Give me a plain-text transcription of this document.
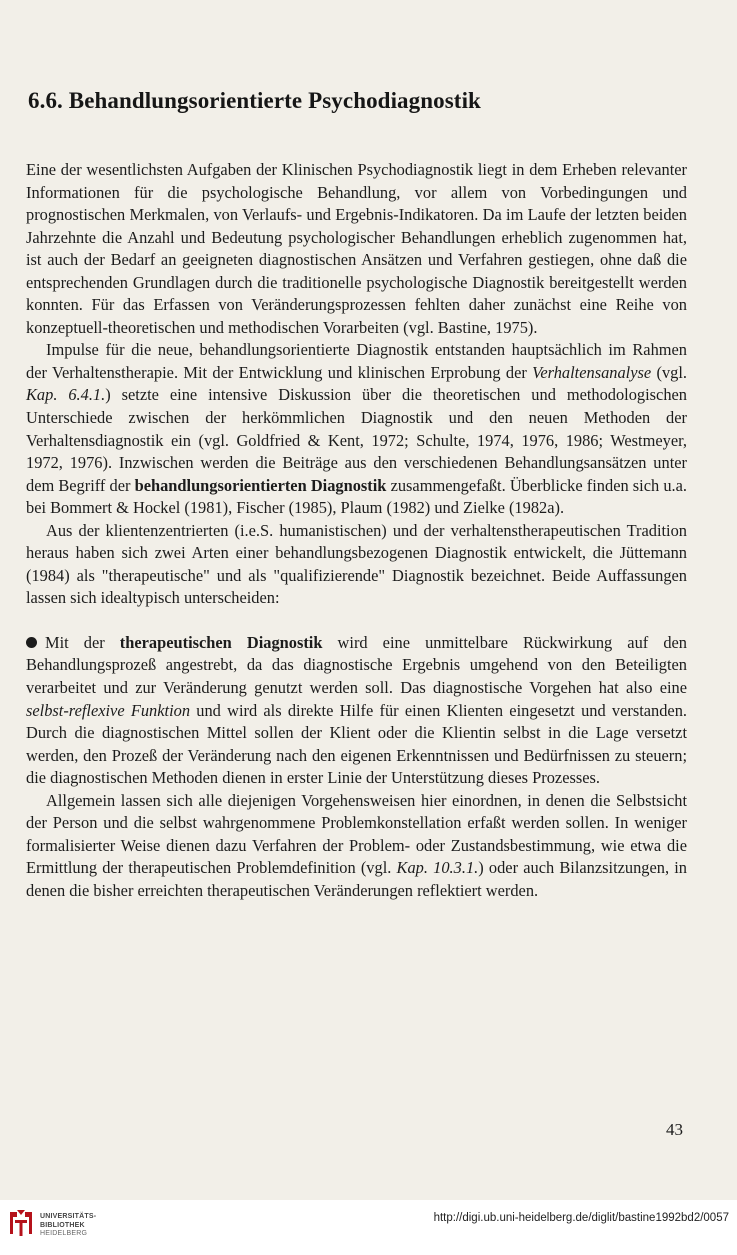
6.6. Behandlungsorientierte Psychodiagnostik

Eine der wesentlichsten Aufgaben der Klinischen Psychodiagnostik liegt in dem Erheben relevanter Informationen für die psychologische Behandlung, vor allem von Vorbedingungen und prognostischen Merkmalen, von Verlaufs- und Ergebnis-Indikatoren. Da im Laufe der letzten beiden Jahrzehnte die Anzahl und Bedeutung psychologischer Behandlungen erheblich zugenommen hat, ist auch der Bedarf an geeigneten diagnostischen Ansätzen und Verfahren gestiegen, ohne daß die entsprechenden Grundlagen durch die traditionelle psychologische Diagnostik bereitgestellt werden konnten. Für das Erfassen von Veränderungsprozessen fehlten daher zunächst eine Reihe von konzeptuell-theoretischen und methodischen Vorarbeiten (vgl. Bastine, 1975).

Impulse für die neue, behandlungsorientierte Diagnostik entstanden hauptsächlich im Rahmen der Verhaltenstherapie. Mit der Entwicklung und klinischen Erprobung der Verhaltensanalyse (vgl. Kap. 6.4.1.) setzte eine intensive Diskussion über die theoretischen und methodologischen Unterschiede zwischen der herkömmlichen Diagnostik und den neuen Methoden der Verhaltensdiagnostik ein (vgl. Goldfried & Kent, 1972; Schulte, 1974, 1976, 1986; Westmeyer, 1972, 1976). Inzwischen werden die Beiträge aus den verschiedenen Behandlungsansätzen unter dem Begriff der behandlungsorientierten Diagnostik zusammengefaßt. Überblicke finden sich u.a. bei Bommert & Hockel (1981), Fischer (1985), Plaum (1982) und Zielke (1982a).

Aus der klientenzentrierten (i.e.S. humanistischen) und der verhaltenstherapeutischen Tradition heraus haben sich zwei Arten einer behandlungsbezogenen Diagnostik entwickelt, die Jüttemann (1984) als "therapeutische" und als "qualifizierende" Diagnostik bezeichnet. Beide Auffassungen lassen sich idealtypisch unterscheiden:

Mit der therapeutischen Diagnostik wird eine unmittelbare Rückwirkung auf den Behandlungsprozeß angestrebt, da das diagnostische Ergebnis umgehend von den Beteiligten verarbeitet und zur Veränderung genutzt werden soll. Das diagnostische Vorgehen hat also eine selbst-reflexive Funktion und wird als direkte Hilfe für einen Klienten eingesetzt und verstanden. Durch die diagnostischen Mittel sollen der Klient oder die Klientin selbst in die Lage versetzt werden, den Prozeß der Veränderung nach den eigenen Erkenntnissen und Bedürfnissen zu steuern; die diagnostischen Methoden dienen in erster Linie der Unterstützung dieses Prozesses.

Allgemein lassen sich alle diejenigen Vorgehensweisen hier einordnen, in denen die Selbstsicht der Person und die selbst wahrgenommene Problemkonstellation erfaßt werden sollen. In weniger formalisierter Weise dienen dazu Verfahren der Problem- oder Zustandsbestimmung, wie etwa die Ermittlung der therapeutischen Problemdefinition (vgl. Kap. 10.3.1.) oder auch Bilanzsitzungen, in denen die bisher erreichten therapeutischen Veränderungen reflektiert werden.

43
UNIVERSITÄTS-
BIBLIOTHEK
HEIDELBERG
http://digi.ub.uni-heidelberg.de/diglit/bastine1992bd2/0057
